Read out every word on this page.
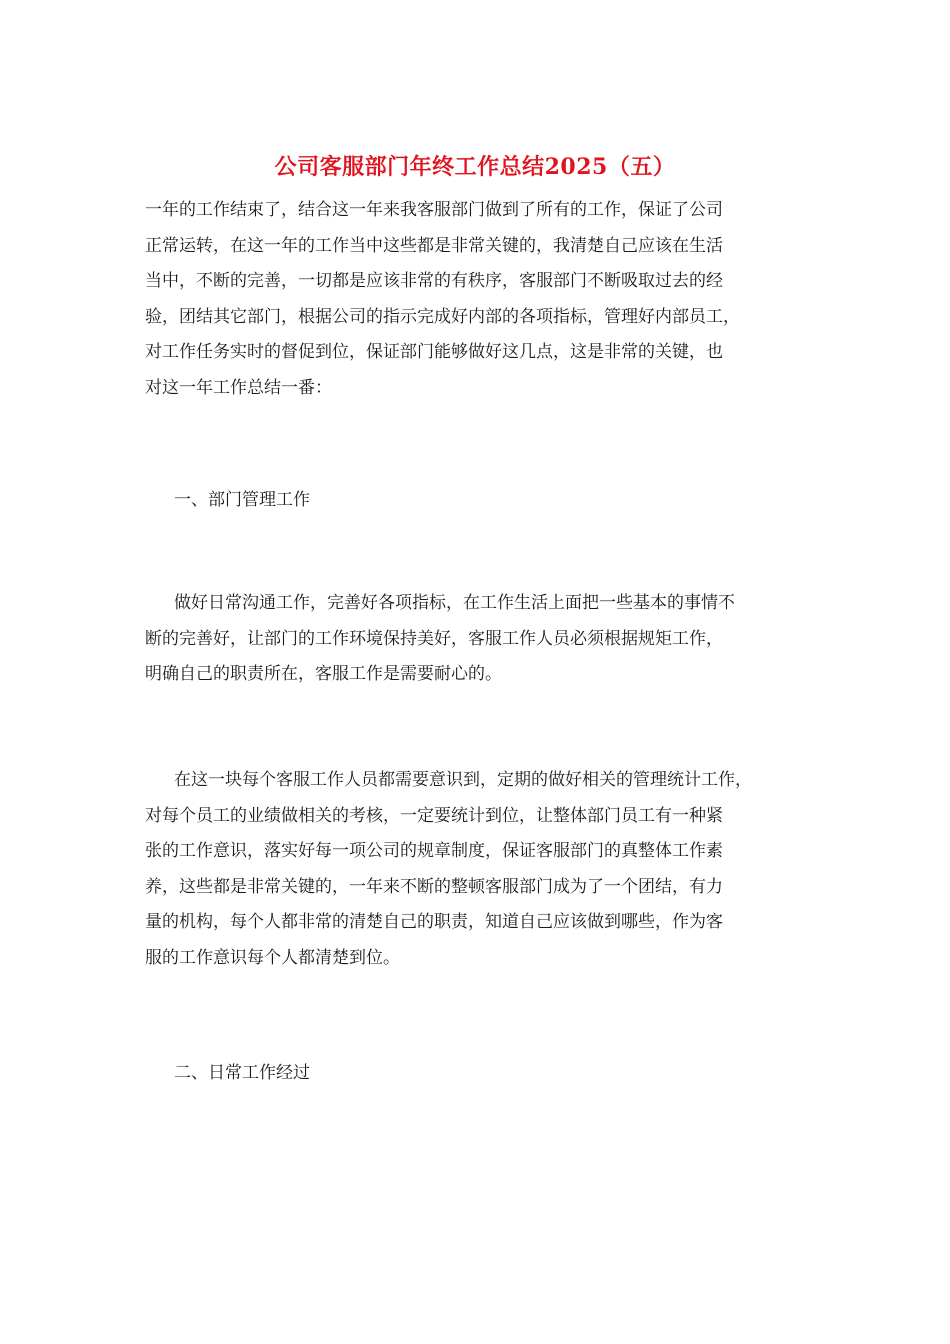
公司客服部门年终工作总结2025（五）
一年的工作结束了，结合这一年来我客服部门做到了所有的工作，保证了公司
正常运转，在这一年的工作当中这些都是非常关键的，我清楚自己应该在生活
当中，不断的完善，一切都是应该非常的有秩序，客服部门不断吸取过去的经
验，团结其它部门，根据公司的指示完成好内部的各项指标，管理好内部员工，
对工作任务实时的督促到位，保证部门能够做好这几点，这是非常的关键，也
对这一年工作总结一番：
一、部门管理工作
做好日常沟通工作，完善好各项指标，在工作生活上面把一些基本的事情不
断的完善好，让部门的工作环境保持美好，客服工作人员必须根据规矩工作，
明确自己的职责所在，客服工作是需要耐心的。
在这一块每个客服工作人员都需要意识到，定期的做好相关的管理统计工作，
对每个员工的业绩做相关的考核，一定要统计到位，让整体部门员工有一种紧
张的工作意识，落实好每一项公司的规章制度，保证客服部门的真整体工作素
养，这些都是非常关键的，一年来不断的整顿客服部门成为了一个团结，有力
量的机构，每个人都非常的清楚自己的职责，知道自己应该做到哪些，作为客
服的工作意识每个人都清楚到位。
二、日常工作经过
